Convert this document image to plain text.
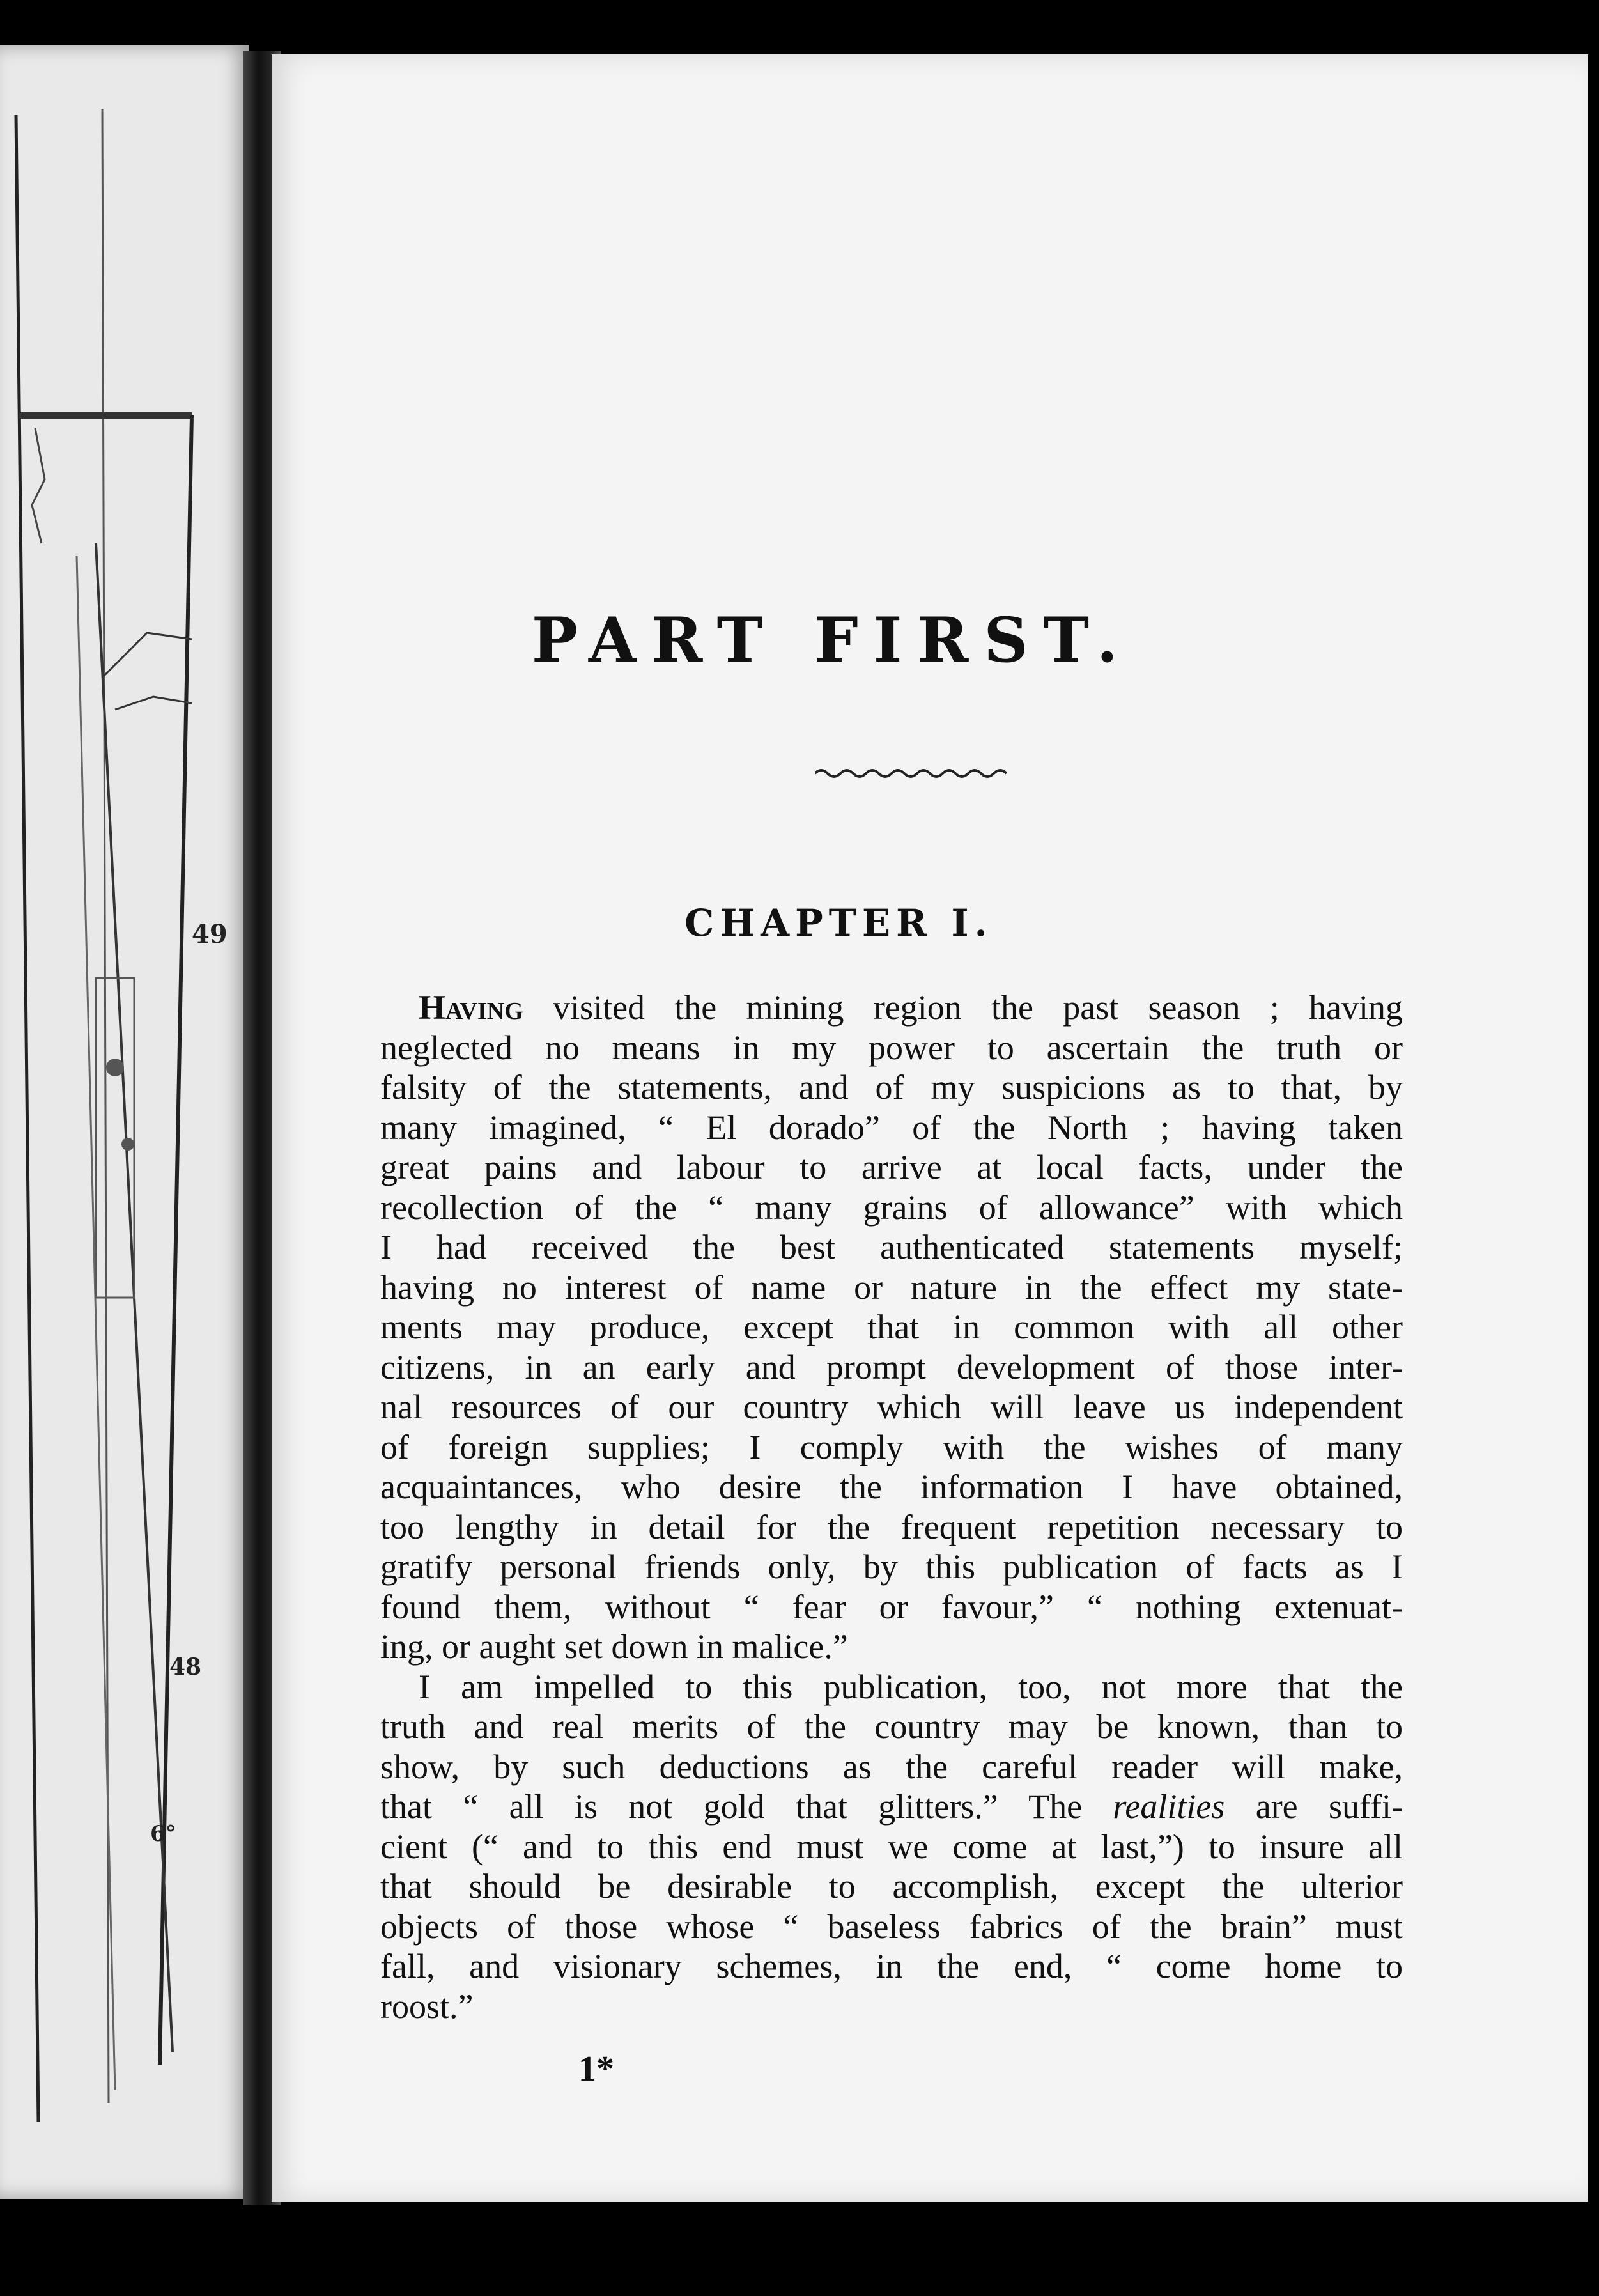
49
48
6°
PART FIRST.
CHAPTER I.

Having visited the mining region the past season ; having
neglected no means in my power to ascertain the truth or
falsity of the statements, and of my suspicions as to that, by
many imagined, “ El dorado” of the North ; having taken
great pains and labour to arrive at local facts, under the
recollection of the “ many grains of allowance” with which
I had received the best authenticated statements myself;
having no interest of name or nature in the effect my state-
ments may produce, except that in common with all other
citizens, in an early and prompt development of those inter-
nal resources of our country which will leave us independent
of foreign supplies; I comply with the wishes of many
acquaintances, who desire the information I have obtained,
too lengthy in detail for the frequent repetition necessary to
gratify personal friends only, by this publication of facts as I
found them, without “ fear or favour,” “ nothing extenuat-
ing, or aught set down in malice.”

I am impelled to this publication, too, not more that the
truth and real merits of the country may be known, than to
show, by such deductions as the careful reader will make,
that “ all is not gold that glitters.” The realities are suffi-
cient (“ and to this end must we come at last,”) to insure all
that should be desirable to accomplish, except the ulterior
objects of those whose “ baseless fabrics of the brain” must
fall, and visionary schemes, in the end, “ come home to
roost.”

1*
